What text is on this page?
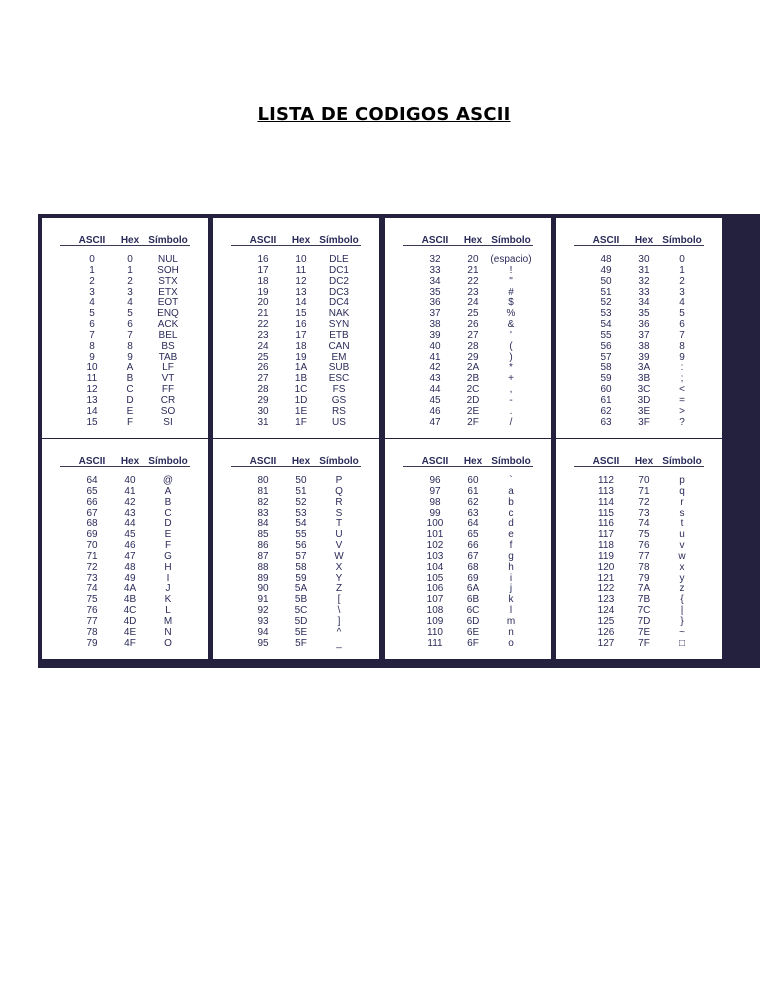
LISTA DE CODIGOS ASCII
ASCII
0
1
2
3
4
5
6
7
8
9
10
11
12
13
14
15
Hex
0
1
2
3
4
5
6
7
8
9
A
B
C
D
E
F
Símbolo
NUL
SOH
STX
ETX
EOT
ENQ
ACK
BEL
BS
TAB
LF
VT
FF
CR
SO
SI
ASCII
16
17
18
19
20
21
22
23
24
25
26
27
28
29
30
31
Hex
10
11
12
13
14
15
16
17
18
19
1A
1B
1C
1D
1E
1F
Símbolo
DLE
DC1
DC2
DC3
DC4
NAK
SYN
ETB
CAN
EM
SUB
ESC
FS
GS
RS
US
ASCII
32
33
34
35
36
37
38
39
40
41
42
43
44
45
46
47
Hex
20
21
22
23
24
25
26
27
28
29
2A
2B
2C
2D
2E
2F
Símbolo
(espacio)
!
"
#
$
%
&
'
(
)
*
+
,
-
.
/
ASCII
48
49
50
51
52
53
54
55
56
57
58
59
60
61
62
63
Hex
30
31
32
33
34
35
36
37
38
39
3A
3B
3C
3D
3E
3F
Símbolo
0
1
2
3
4
5
6
7
8
9
:
;
<
=
>
?
ASCII
64
65
66
67
68
69
70
71
72
73
74
75
76
77
78
79
Hex
40
41
42
43
44
45
46
47
48
49
4A
4B
4C
4D
4E
4F
Símbolo
@
A
B
C
D
E
F
G
H
I
J
K
L
M
N
O
ASCII
80
81
82
83
84
85
86
87
88
89
90
91
92
93
94
95
Hex
50
51
52
53
54
55
56
57
58
59
5A
5B
5C
5D
5E
5F
Símbolo
P
Q
R
S
T
U
V
W
X
Y
Z
[
\
]
^
_
ASCII
96
97
98
99
100
101
102
103
104
105
106
107
108
109
110
111
Hex
60
61
62
63
64
65
66
67
68
69
6A
6B
6C
6D
6E
6F
Símbolo
`
a
b
c
d
e
f
g
h
i
j
k
l
m
n
o
ASCII
112
113
114
115
116
117
118
119
120
121
122
123
124
125
126
127
Hex
70
71
72
73
74
75
76
77
78
79
7A
7B
7C
7D
7E
7F
Símbolo
p
q
r
s
t
u
v
w
x
y
z
{
|
}
~
□
